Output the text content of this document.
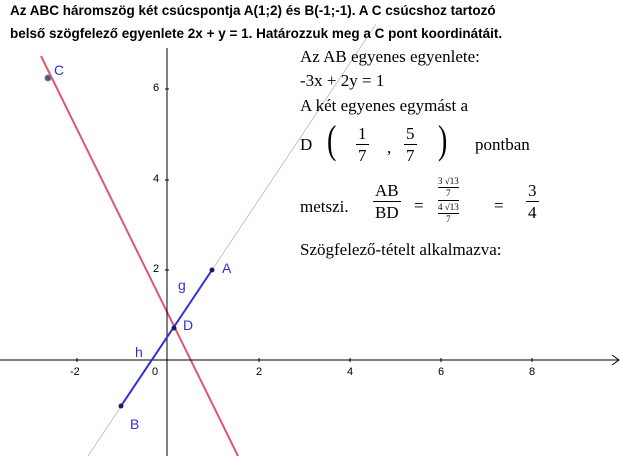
Az ABC háromszög két csúcspontja A(1;2) és B(-1;-1). A C csúcshoz tartozó
belső szögfelező egyenlete 2x + y = 1. Határozzuk meg a C pont koordinátáit.
-2	0	2	4	6	8
2
4
6
A
B
C
D
g
h
Az AB egyenes egyenlete:
-3x + 2y = 1
A két egyenes egymást a
D ( 1
7 ,
5
7 ) pontban
metszi.
AB
BD =
3 √13
7
4 √13
7
=
3
4
Szögfelező-tételt alkalmazva:
